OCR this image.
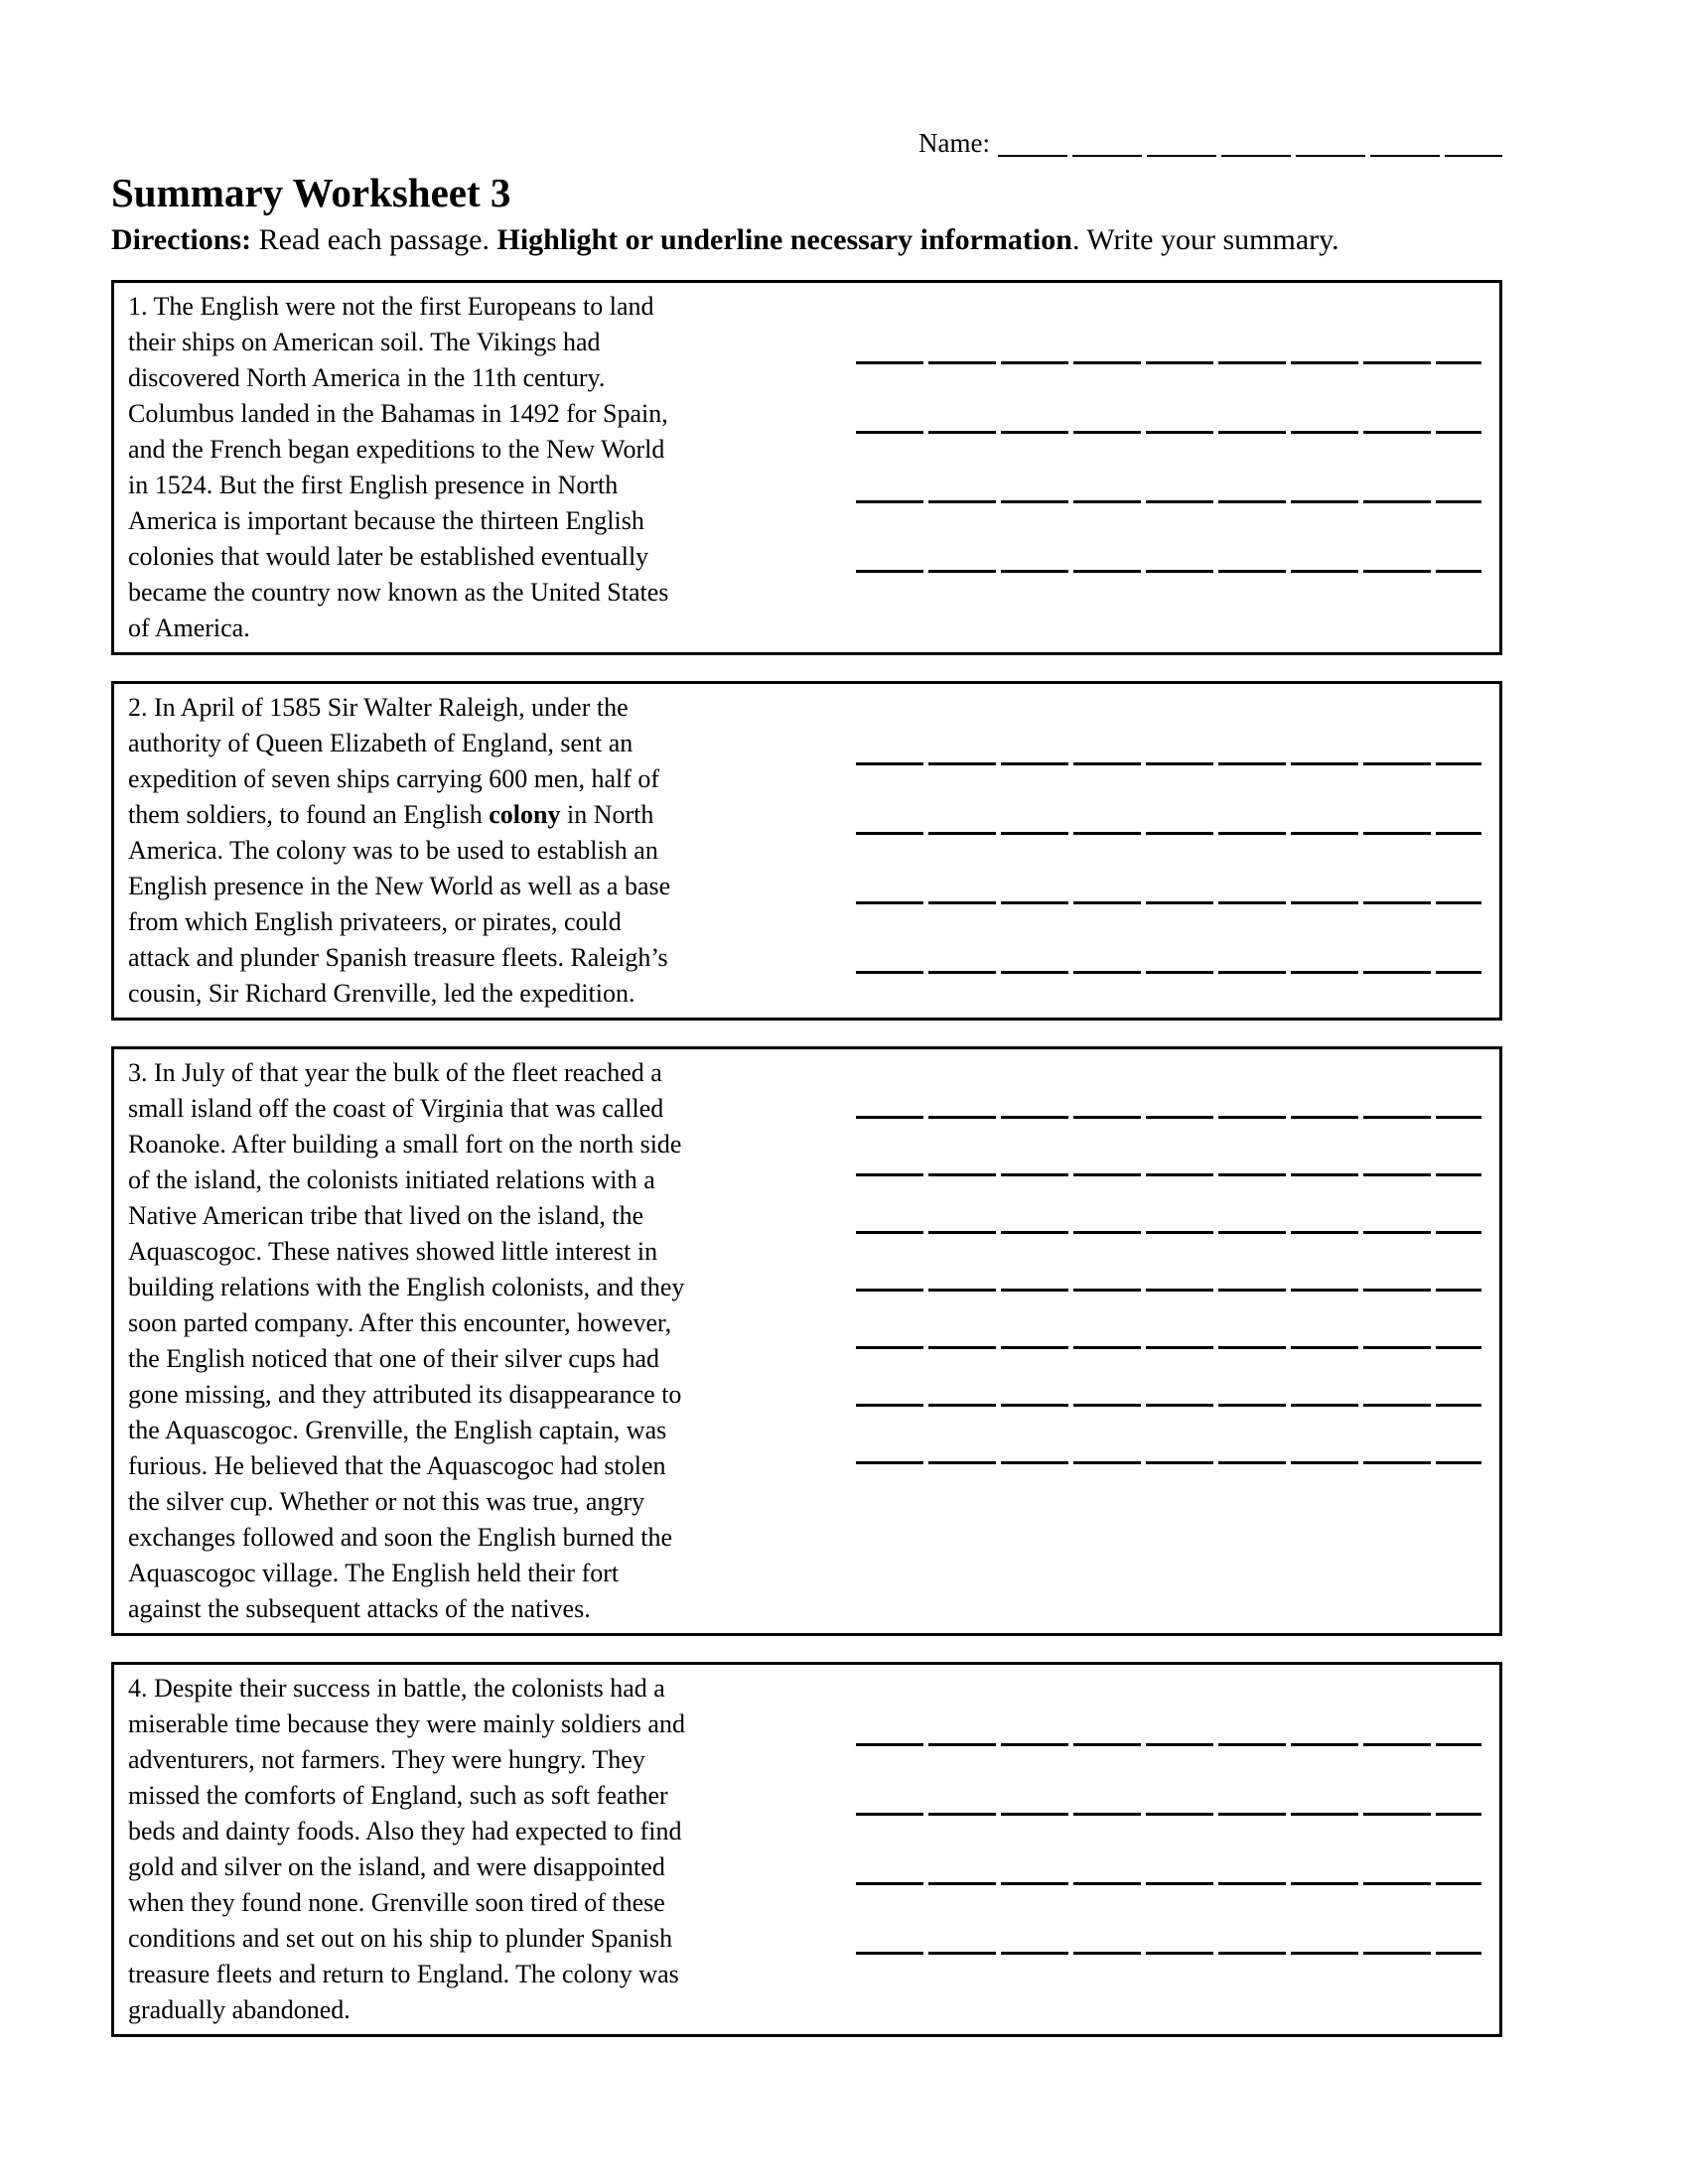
Name:
Summary Worksheet 3

Directions: Read each passage. Highlight or underline necessary information. Write your summary.

1. The English were not the first Europeans to land
their ships on American soil. The Vikings had
discovered North America in the 11th century.
Columbus landed in the Bahamas in 1492 for Spain,
and the French began expeditions to the New World
in 1524. But the first English presence in North
America is important because the thirteen English
colonies that would later be established eventually
became the country now known as the United States
of America.
2. In April of 1585 Sir Walter Raleigh, under the
authority of Queen Elizabeth of England, sent an
expedition of seven ships carrying 600 men, half of
them soldiers, to found an English colony in North
America. The colony was to be used to establish an
English presence in the New World as well as a base
from which English privateers, or pirates, could
attack and plunder Spanish treasure fleets. Raleigh’s
cousin, Sir Richard Grenville, led the expedition.
3. In July of that year the bulk of the fleet reached a
small island off the coast of Virginia that was called
Roanoke. After building a small fort on the north side
of the island, the colonists initiated relations with a
Native American tribe that lived on the island, the
Aquascogoc. These natives showed little interest in
building relations with the English colonists, and they
soon parted company. After this encounter, however,
the English noticed that one of their silver cups had
gone missing, and they attributed its disappearance to
the Aquascogoc. Grenville, the English captain, was
furious. He believed that the Aquascogoc had stolen
the silver cup. Whether or not this was true, angry
exchanges followed and soon the English burned the
Aquascogoc village. The English held their fort
against the subsequent attacks of the natives.
4. Despite their success in battle, the colonists had a
miserable time because they were mainly soldiers and
adventurers, not farmers. They were hungry. They
missed the comforts of England, such as soft feather
beds and dainty foods. Also they had expected to find
gold and silver on the island, and were disappointed
when they found none. Grenville soon tired of these
conditions and set out on his ship to plunder Spanish
treasure fleets and return to England. The colony was
gradually abandoned.
